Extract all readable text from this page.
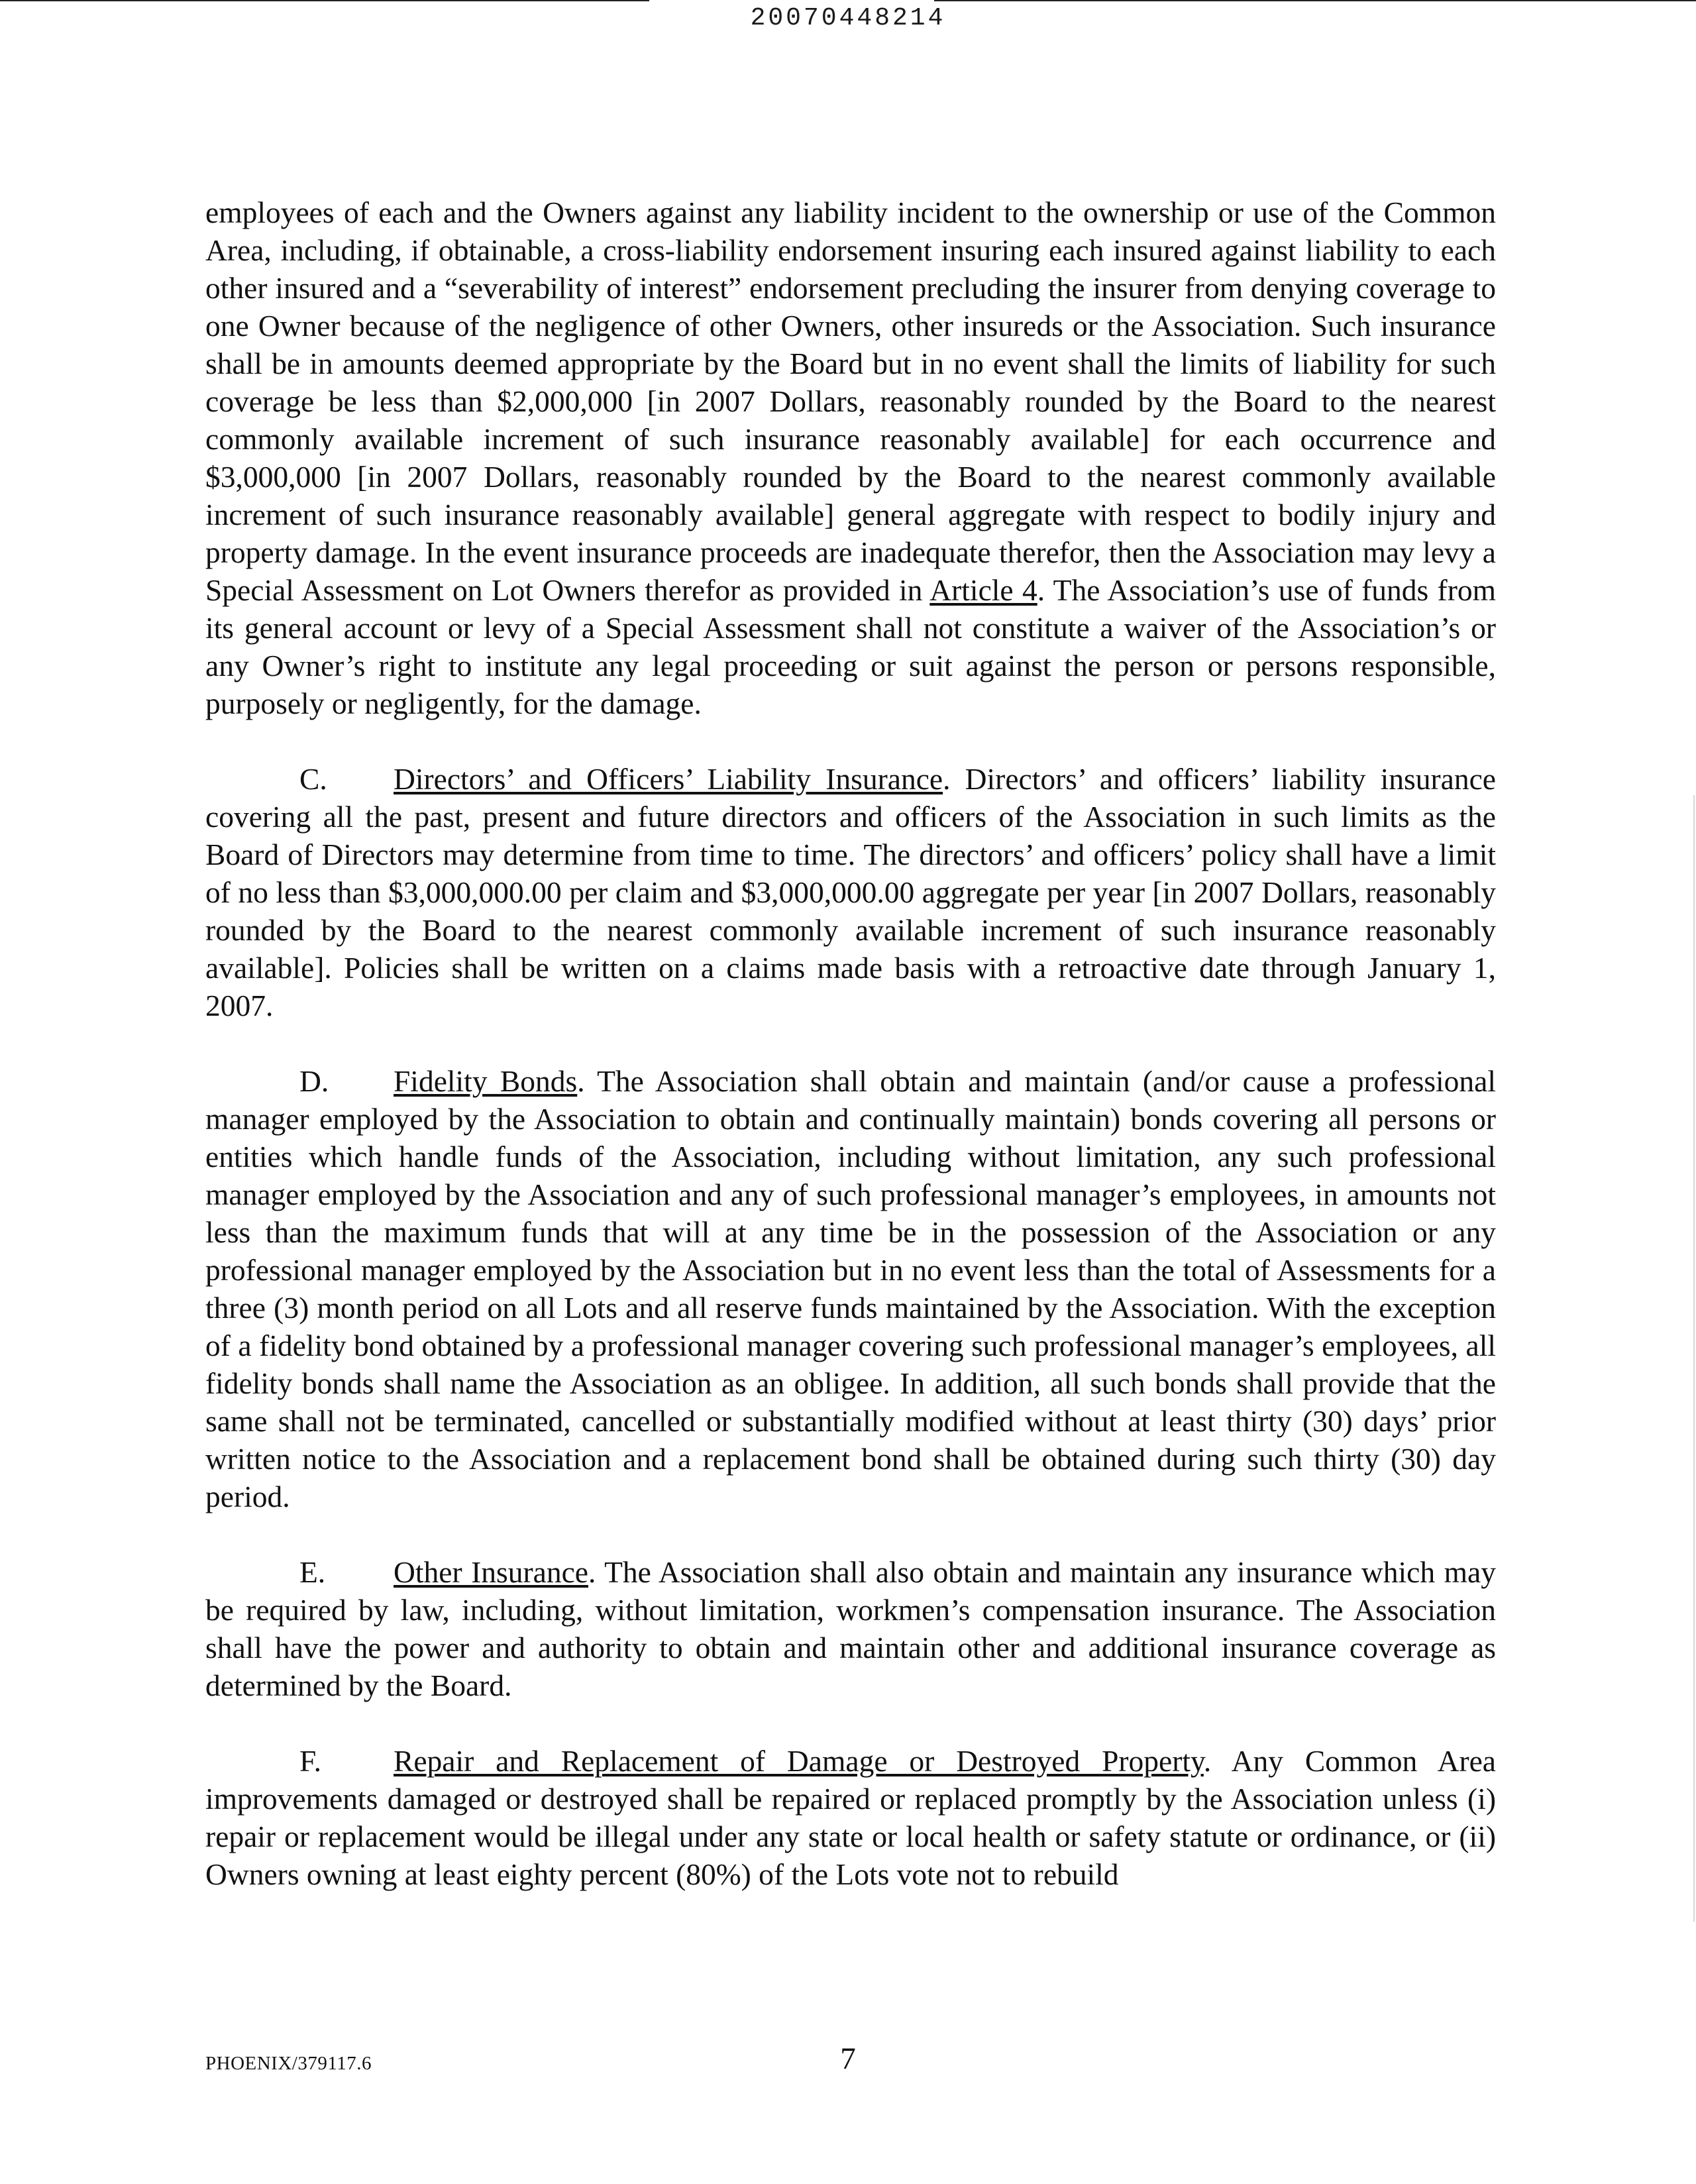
20070448214

employees of each and the Owners against any liability incident to the ownership or use of the Common Area, including, if obtainable, a cross-liability endorsement insuring each insured against liability to each other insured and a “severability of interest” endorsement precluding the insurer from denying coverage to one Owner because of the negligence of other Owners, other insureds or the Association. Such insurance shall be in amounts deemed appropriate by the Board but in no event shall the limits of liability for such coverage be less than $2,000,000 [in 2007 Dollars, reasonably rounded by the Board to the nearest commonly available increment of such insurance reasonably available] for each occurrence and $3,000,000 [in 2007 Dollars, reasonably rounded by the Board to the nearest commonly available increment of such insurance reasonably available] general aggregate with respect to bodily injury and property damage. In the event insurance proceeds are inadequate therefor, then the Association may levy a Special Assessment on Lot Owners therefor as provided in Article 4. The Association’s use of funds from its general account or levy of a Special Assessment shall not constitute a waiver of the Association’s or any Owner’s right to institute any legal proceeding or suit against the person or persons responsible, purposely or negligently, for the damage.

C. Directors’ and Officers’ Liability Insurance. Directors’ and officers’ liability insurance covering all the past, present and future directors and officers of the Association in such limits as the Board of Directors may determine from time to time. The directors’ and officers’ policy shall have a limit of no less than $3,000,000.00 per claim and $3,000,000.00 aggregate per year [in 2007 Dollars, reasonably rounded by the Board to the nearest commonly available increment of such insurance reasonably available]. Policies shall be written on a claims made basis with a retroactive date through January 1, 2007.

D. Fidelity Bonds. The Association shall obtain and maintain (and/or cause a professional manager employed by the Association to obtain and continually maintain) bonds covering all persons or entities which handle funds of the Association, including without limitation, any such professional manager employed by the Association and any of such professional manager’s employees, in amounts not less than the maximum funds that will at any time be in the possession of the Association or any professional manager employed by the Association but in no event less than the total of Assessments for a three (3) month period on all Lots and all reserve funds maintained by the Association. With the exception of a fidelity bond obtained by a professional manager covering such professional manager’s employees, all fidelity bonds shall name the Association as an obligee. In addition, all such bonds shall provide that the same shall not be terminated, cancelled or substantially modified without at least thirty (30) days’ prior written notice to the Association and a replacement bond shall be obtained during such thirty (30) day period.

E. Other Insurance. The Association shall also obtain and maintain any insurance which may be required by law, including, without limitation, workmen’s compensation insurance. The Association shall have the power and authority to obtain and maintain other and additional insurance coverage as determined by the Board.

F. Repair and Replacement of Damage or Destroyed Property. Any Common Area improvements damaged or destroyed shall be repaired or replaced promptly by the Association unless (i) repair or replacement would be illegal under any state or local health or safety statute or ordinance, or (ii) Owners owning at least eighty percent (80%) of the Lots vote not to rebuild

PHOENIX/379117.6	7
